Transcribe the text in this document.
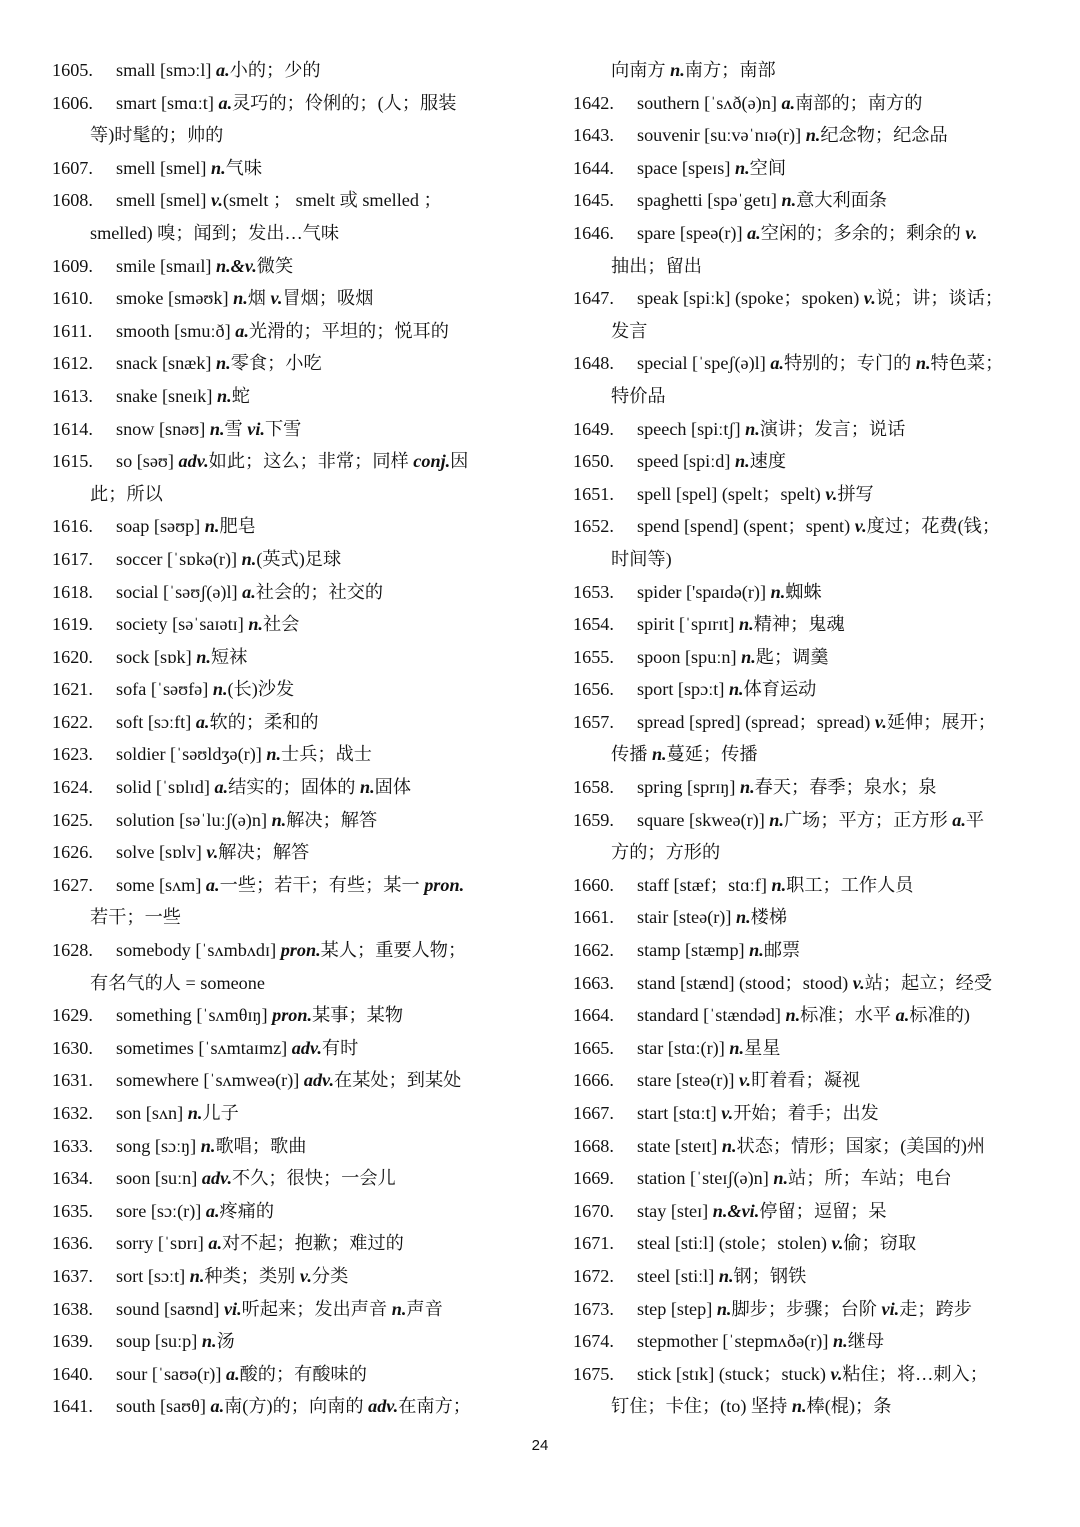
1605. small [smɔːl] a.小的；少的
1606. smart [smɑːt] a.灵巧的；伶俐的；(人；服装
等)时髦的；帅的
1607. smell [smel] n.气味
1608. smell [smel] v.(smelt ； smelt 或 smelled ；
smelled) 嗅；闻到；发出…气味
1609. smile [smaɪl] n.&v.微笑
1610. smoke [sməʊk] n.烟 v.冒烟；吸烟
1611. smooth [smuːð] a.光滑的；平坦的；悦耳的
1612. snack [snæk] n.零食；小吃
1613. snake [sneɪk] n.蛇
1614. snow [snəʊ] n.雪 vi.下雪
1615. so [səʊ] adv.如此；这么；非常；同样 conj.因
此；所以
1616. soap [səʊp] n.肥皂
1617. soccer [ˈsɒkə(r)] n.(英式)足球
1618. social [ˈsəʊʃ(ə)l] a.社会的；社交的
1619. society [səˈsaɪətɪ] n.社会
1620. sock [sɒk] n.短袜
1621. sofa [ˈsəʊfə] n.(长)沙发
1622. soft [sɔːft] a.软的；柔和的
1623. soldier [ˈsəʊldʒə(r)] n.士兵；战士
1624. solid [ˈsɒlɪd] a.结实的；固体的 n.固体
1625. solution [səˈluːʃ(ə)n] n.解决；解答
1626. solve [sɒlv] v.解决；解答
1627. some [sʌm] a.一些；若干；有些；某一 pron.
若干；一些
1628. somebody [ˈsʌmbʌdɪ] pron.某人；重要人物；
有名气的人 = someone
1629. something [ˈsʌmθɪŋ] pron.某事；某物
1630. sometimes [ˈsʌmtaɪmz] adv.有时
1631. somewhere [ˈsʌmweə(r)] adv.在某处；到某处
1632. son [sʌn] n.儿子
1633. song [sɔːŋ] n.歌唱；歌曲
1634. soon [suːn] adv.不久；很快；一会儿
1635. sore [sɔː(r)] a.疼痛的
1636. sorry [ˈsɒrɪ] a.对不起；抱歉；难过的
1637. sort [sɔːt] n.种类；类别 v.分类
1638. sound [saʊnd] vi.听起来；发出声音 n.声音
1639. soup [suːp] n.汤
1640. sour [ˈsaʊə(r)] a.酸的；有酸味的
1641. south [saʊθ] a.南(方)的；向南的 adv.在南方；
向南方 n.南方；南部
1642. southern [ˈsʌð(ə)n] a.南部的；南方的
1643. souvenir [suːvəˈnɪə(r)] n.纪念物；纪念品
1644. space [speɪs] n.空间
1645. spaghetti [spəˈgetɪ] n.意大利面条
1646. spare [speə(r)] a.空闲的；多余的；剩余的 v.
抽出；留出
1647. speak [spiːk] (spoke；spoken) v.说；讲；谈话；
发言
1648. special [ˈspeʃ(ə)l] a.特别的；专门的 n.特色菜；
特价品
1649. speech [spiːtʃ] n.演讲；发言；说话
1650. speed [spiːd] n.速度
1651. spell [spel] (spelt；spelt) v.拼写
1652. spend [spend] (spent；spent) v.度过；花费(钱；
时间等)
1653. spider ['spaɪdə(r)] n.蜘蛛
1654. spirit [ˈspɪrɪt] n.精神；鬼魂
1655. spoon [spuːn] n.匙；调羹
1656. sport [spɔːt] n.体育运动
1657. spread [spred] (spread；spread) v.延伸；展开；
传播 n.蔓延；传播
1658. spring [sprɪŋ] n.春天；春季；泉水；泉
1659. square [skweə(r)] n.广场；平方；正方形 a.平
方的；方形的
1660. staff [stæf；stɑːf] n.职工；工作人员
1661. stair [steə(r)] n.楼梯
1662. stamp [stæmp] n.邮票
1663. stand [stænd] (stood；stood) v.站；起立；经受
1664. standard [ˈstændəd] n.标准；水平 a.标准的)
1665. star [stɑː(r)] n.星星
1666. stare [steə(r)] v.盯着看；凝视
1667. start [stɑːt] v.开始；着手；出发
1668. state [steɪt] n.状态；情形；国家；(美国的)州
1669. station [ˈsteɪʃ(ə)n] n.站；所；车站；电台
1670. stay [steɪ] n.&vi.停留；逗留；呆
1671. steal [stiːl] (stole；stolen) v.偷；窃取
1672. steel [stiːl] n.钢；钢铁
1673. step [step] n.脚步；步骤；台阶 vi.走；跨步
1674. stepmother [ˈstepmʌðə(r)] n.继母
1675. stick [stɪk] (stuck；stuck) v.粘住；将…刺入；
钉住；卡住；(to) 坚持 n.棒(棍)；条
24
